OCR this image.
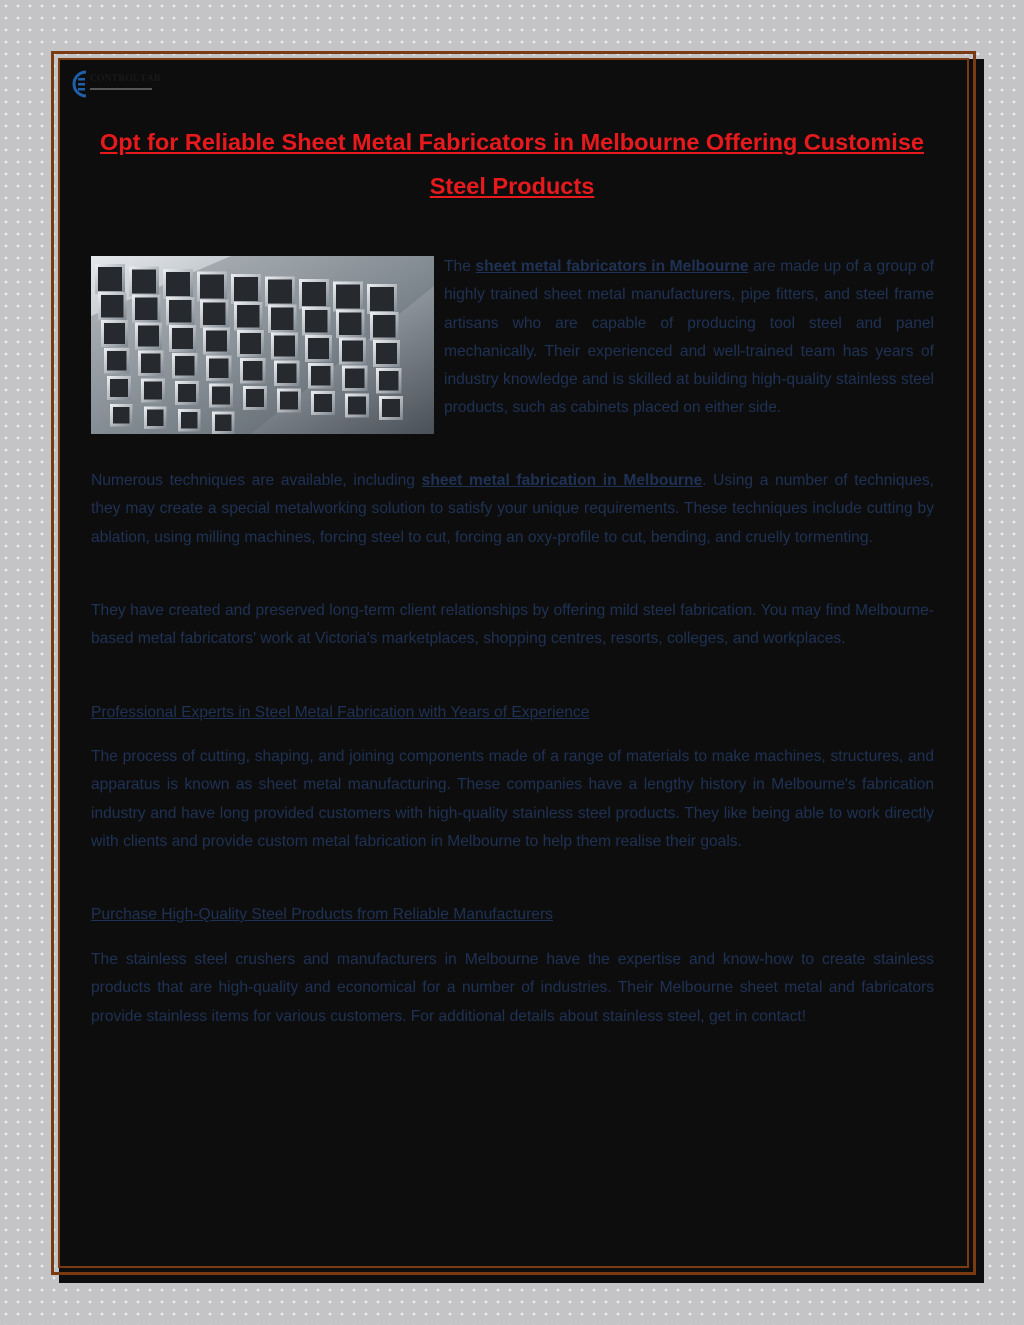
CONTROL FAB
Opt for Reliable Sheet Metal Fabricators in Melbourne Offering Customise Steel Products

The sheet metal fabricators in Melbourne are made up of a group of highly trained sheet metal manufacturers, pipe fitters, and steel frame artisans who are capable of producing tool steel and panel mechanically. Their experienced and well-trained team has years of industry knowledge and is skilled at building high-quality stainless steel products, such as cabinets placed on either side.

Numerous techniques are available, including sheet metal fabrication in Melbourne. Using a number of techniques, they may create a special metalworking solution to satisfy your unique requirements. These techniques include cutting by ablation, using milling machines, forcing steel to cut, forcing an oxy-profile to cut, bending, and cruelly tormenting.

They have created and preserved long-term client relationships by offering mild steel fabrication. You may find Melbourne-based metal fabricators' work at Victoria's marketplaces, shopping centres, resorts, colleges, and workplaces.

Professional Experts in Steel Metal Fabrication with Years of Experience

The process of cutting, shaping, and joining components made of a range of materials to make machines, structures, and apparatus is known as sheet metal manufacturing. These companies have a lengthy history in Melbourne's fabrication industry and have long provided customers with high-quality stainless steel products. They like being able to work directly with clients and provide custom metal fabrication in Melbourne to help them realise their goals.

Purchase High-Quality Steel Products from Reliable Manufacturers

The stainless steel crushers and manufacturers in Melbourne have the expertise and know-how to create stainless products that are high-quality and economical for a number of industries. Their Melbourne sheet metal and fabricators provide stainless items for various customers. For additional details about stainless steel, get in contact!
